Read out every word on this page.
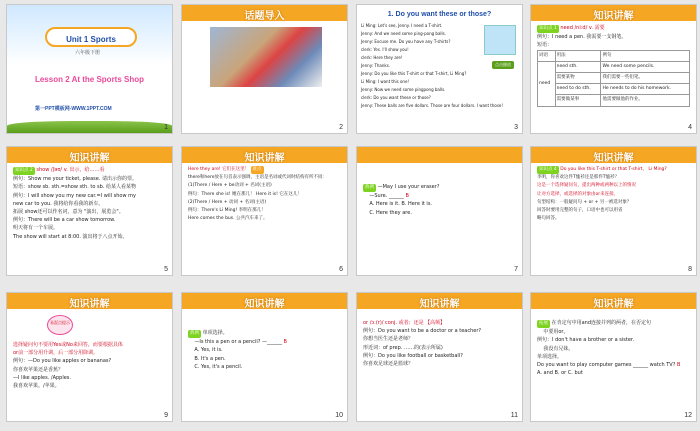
Unit 1 Sports
六年级下册
Lesson 2 At the Sports Shop
第一PPT模板网-WWW.1PPT.COM
1
话题导入
2
1. Do you want these or those?

Li Ming: Let's see, Jenny. I need a T-shirt.

Jenny: And we need some ping-pong balls.

Jenny: Excuse me. Do you have any T-shirts?

clerk: Yes. I'll show you!

clerk: Here they are!

Jenny: Thanks.

Jenny: Do you like this T-shirt or that T-shirt, Li Ming?

Li Ming: I want this one!

Jenny: Now we need some pingpong balls.

clerk: Do you want these or those?

Jenny: These balls are five dollars. Those are four dollars. I want those!

点击播放
3
知识讲解

知识点 1 need /ni:d/ v. 需要

例句：I need a pen. 我需要一支钢笔。

短语：

词语	用法	例句
need	need sth.	We need some pencils.
	需要某物	我们需要一些铅笔。
	need to do sth.	He needs to do his homework.
	需要做某事	他需要做他的作业。
4
知识讲解

知识点 2 show /ʃəʊ/ v. 出示，给……看

例句：Show me your ticket, please. 请出示你的票。

短语：show sb. sth.=show sth. to sb. 给某人看某物

例句：I will show you my new car.=I will show my

new car to you. 我将给你看我的新车。

拓展 show还可以作名词，意为 "演出，展览会"。

例句：There will be a car show tomorrow.

明天将有一个车展。

The show will start at 8:00. 演出将于八点开始。

5
知识讲解

Here they are! 它们在这里！ 难点

there和here放在句首表示强调，主语是名词或代词时结构有所不同：

(1)There / Here + be动词 + 名词(主语)

例句：There she is! 她在那儿！ Here it is! 它在这儿！

(2)There / Here + 动词 + 名词(主语)

例句：There's Li Ming! 李明在那儿！

Here comes the bus. 公共汽车来了。

6

典例 —May I use your eraser?

—Sure. ______ B

A. Here is it. B. Here it is.

C. Here they are.

7
知识讲解

知识点 4 Do you like this T-shirt or that T-shirt， Li Ming?

李明，你喜欢这件T恤衫还是那件T恤衫？

这是一个选择疑问句，提出两种或两种以上的情况

让对方选择，或选择的对象由or来连接。

句型结构：一般疑问句 + or + 另一被选对象？

回答时要用完整的句子，口语中也可以用省

略句回答。

8
知识讲解
易混点提示

选择疑问句不要用Yes或No来回答，而要根据具体

or前一部分用升调，后一部分用降调。

例句：—Do you like apples or bananas?

你喜欢苹果还是香蕉？

—I like apples. /Apples.

我喜欢苹果。/苹果。

9
知识讲解

典例 单项选择。

—Is this a pen or a pencil? —______ B

A. Yes, it is.

B. It's a pen.

C. Yes, it's a pencil.

10
知识讲解

or /ɔ:(r)/ conj. 或者；还是 【高频】

例句：Do you want to be a doctor or a teacher?

你想当医生还是老师？

形近词：of prep. ……的(表示所属)

例句：Do you like football or basketball?

你喜欢足球还是篮球？

11
知识讲解

拓展 在肯定句中用and连接并列的两者，在否定句

中要用or。

例句：I don't have a brother or a sister.

我没有兄妹。

单项选择。

Do you want to play computer games ______ watch TV? B

A. and B. or C. but

12
